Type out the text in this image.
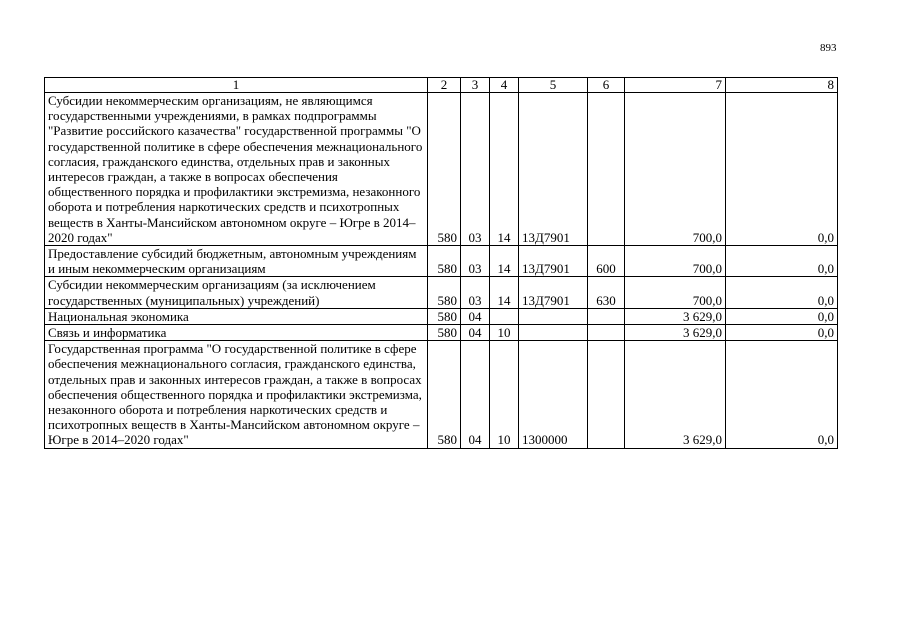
893
1	2	3	4	5	6	7	8
Субсидии некоммерческим организациям, не являющимся государственными учреждениями, в рамках подпрограммы "Развитие российского казачества" государственной программы "О государственной политике в сфере обеспечения межнационального согласия, гражданского единства, отдельных прав и законных интересов граждан, а также в вопросах обеспечения общественного порядка и профилактики экстремизма, незаконного оборота и потребления наркотических средств и психотропных веществ в Ханты-Мансийском автономном округе – Югре в 2014–2020 годах"	580	03	14	13Д7901		700,0	0,0
Предоставление субсидий бюджетным, автономным учреждениям и иным некоммерческим организациям	580	03	14	13Д7901	600	700,0	0,0
Субсидии некоммерческим организациям (за исключением государственных (муниципальных) учреждений)	580	03	14	13Д7901	630	700,0	0,0
Национальная экономика	580	04				3 629,0	0,0
Связь и информатика	580	04	10			3 629,0	0,0
Государственная программа "О государственной политике в сфере обеспечения межнационального согласия, гражданского единства, отдельных прав и законных интересов граждан, а также в вопросах обеспечения общественного порядка и профилактики экстремизма, незаконного оборота и потребления наркотических средств и психотропных веществ в Ханты-Мансийском автономном округе – Югре в 2014–2020 годах"	580	04	10	1300000		3 629,0	0,0
